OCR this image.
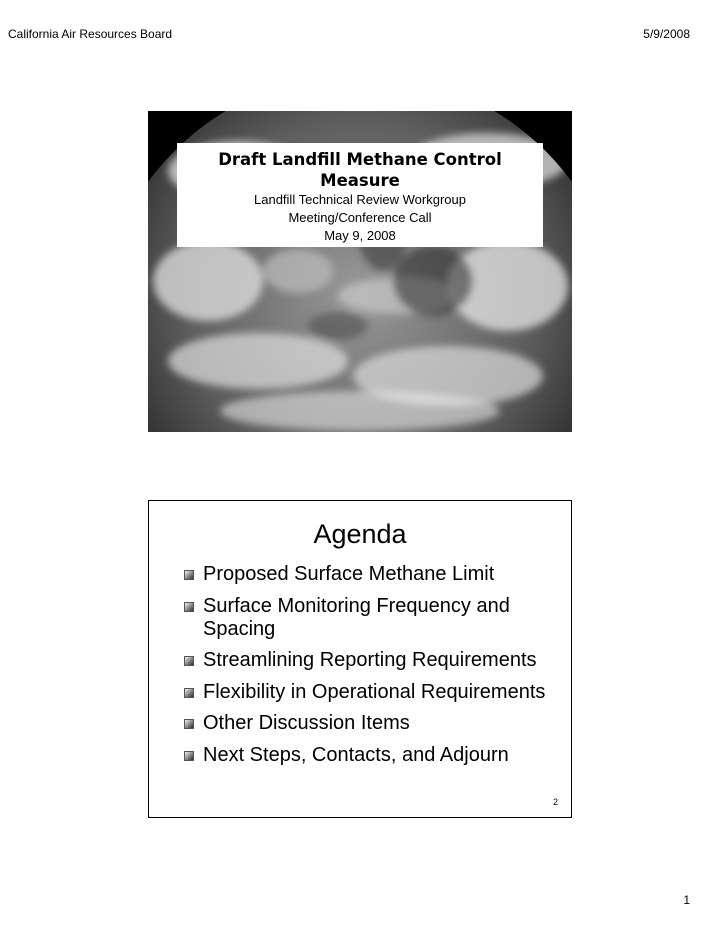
California Air Resources Board	5/9/2008
Draft Landfill Methane Control Measure
Landfill Technical Review Workgroup
Meeting/Conference Call
May 9, 2008
Agenda
Proposed Surface Methane Limit
Surface Monitoring Frequency and Spacing
Streamlining Reporting Requirements
Flexibility in Operational Requirements
Other Discussion Items
Next Steps, Contacts, and Adjourn
2
1
